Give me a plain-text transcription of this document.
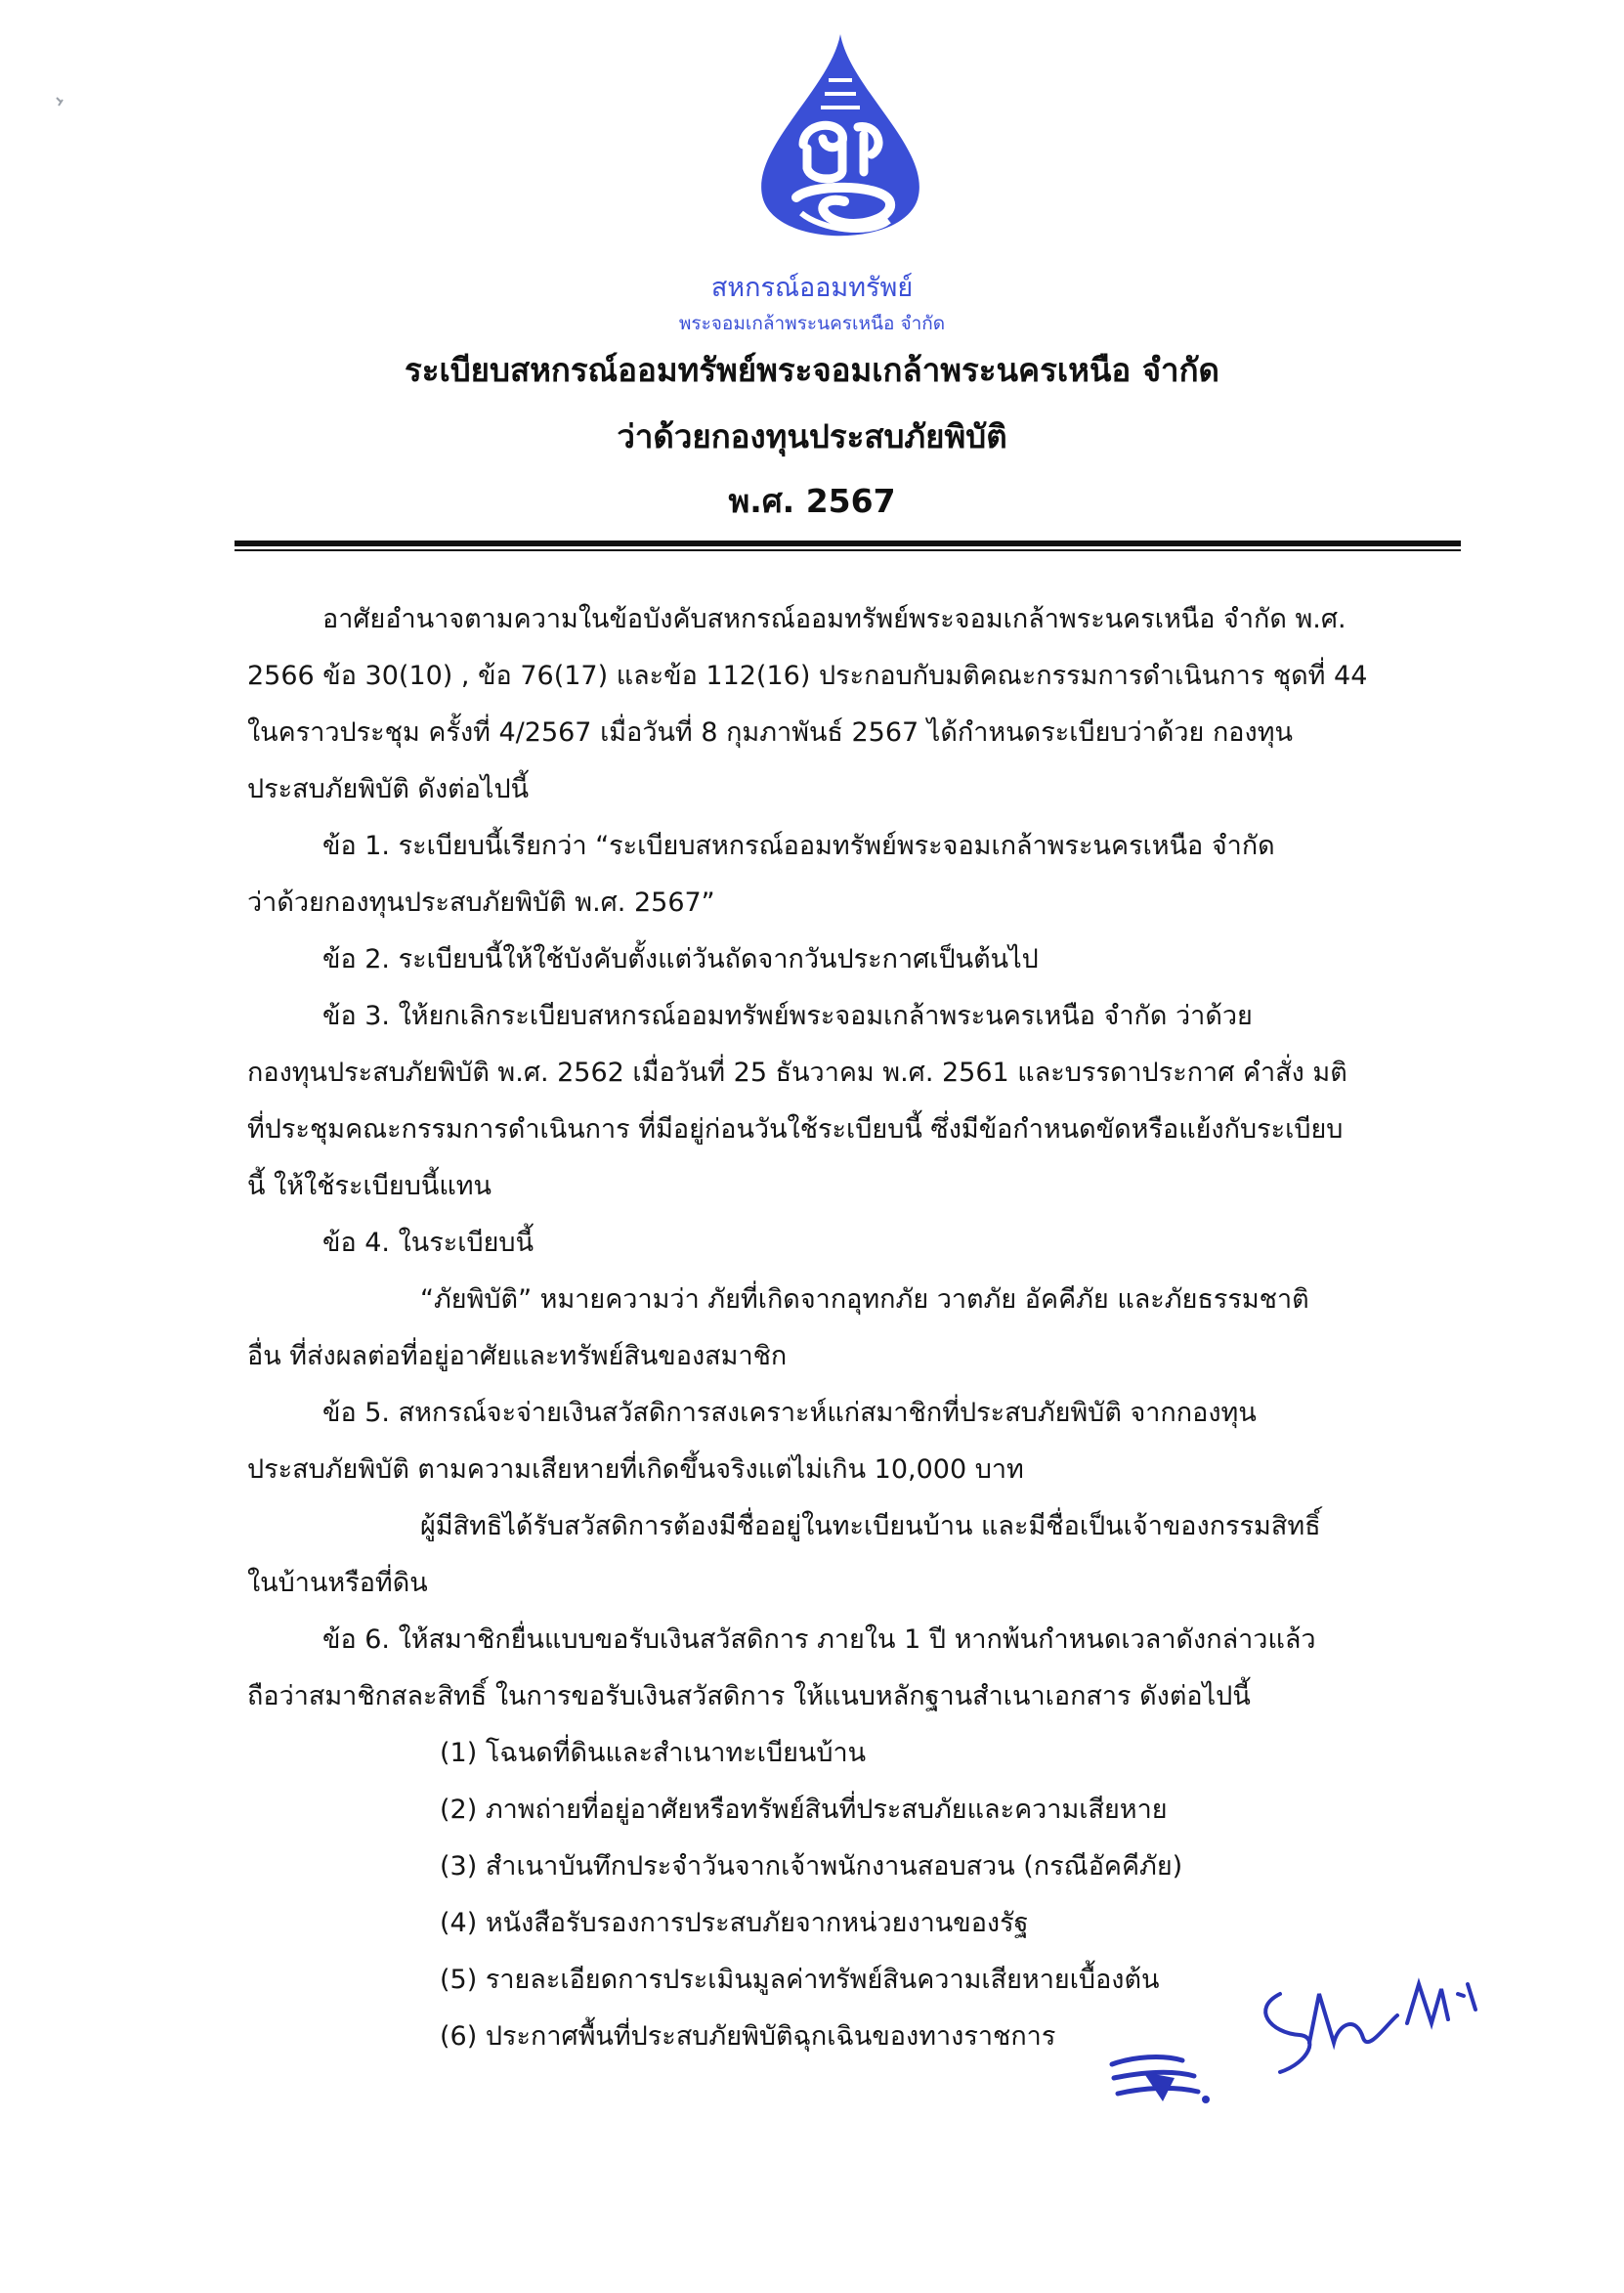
สหกรณ์ออมทรัพย์
พระจอมเกล้าพระนครเหนือ จำกัด
ระเบียบสหกรณ์ออมทรัพย์พระจอมเกล้าพระนครเหนือ จำกัด
ว่าด้วยกองทุนประสบภัยพิบัติ
พ.ศ. 2567
อาศัยอำนาจตามความในข้อบังคับสหกรณ์ออมทรัพย์พระจอมเกล้าพระนครเหนือ จำกัด พ.ศ.
2566 ข้อ 30(10) , ข้อ 76(17) และข้อ 112(16) ประกอบกับมติคณะกรรมการดำเนินการ ชุดที่ 44
ในคราวประชุม ครั้งที่ 4/2567 เมื่อวันที่ 8 กุมภาพันธ์ 2567 ได้กำหนดระเบียบว่าด้วย กองทุน
ประสบภัยพิบัติ ดังต่อไปนี้
ข้อ 1. ระเบียบนี้เรียกว่า “ระเบียบสหกรณ์ออมทรัพย์พระจอมเกล้าพระนครเหนือ จำกัด
ว่าด้วยกองทุนประสบภัยพิบัติ พ.ศ. 2567”
ข้อ 2. ระเบียบนี้ให้ใช้บังคับตั้งแต่วันถัดจากวันประกาศเป็นต้นไป
ข้อ 3. ให้ยกเลิกระเบียบสหกรณ์ออมทรัพย์พระจอมเกล้าพระนครเหนือ จำกัด ว่าด้วย
กองทุนประสบภัยพิบัติ พ.ศ. 2562 เมื่อวันที่ 25 ธันวาคม พ.ศ. 2561 และบรรดาประกาศ คำสั่ง มติ
ที่ประชุมคณะกรรมการดำเนินการ ที่มีอยู่ก่อนวันใช้ระเบียบนี้ ซึ่งมีข้อกำหนดขัดหรือแย้งกับระเบียบ
นี้ ให้ใช้ระเบียบนี้แทน
ข้อ 4. ในระเบียบนี้
“ภัยพิบัติ” หมายความว่า ภัยที่เกิดจากอุทกภัย วาตภัย อัคคีภัย และภัยธรรมชาติ
อื่น ที่ส่งผลต่อที่อยู่อาศัยและทรัพย์สินของสมาชิก
ข้อ 5. สหกรณ์จะจ่ายเงินสวัสดิการสงเคราะห์แก่สมาชิกที่ประสบภัยพิบัติ จากกองทุน
ประสบภัยพิบัติ ตามความเสียหายที่เกิดขึ้นจริงแต่ไม่เกิน 10,000 บาท
ผู้มีสิทธิได้รับสวัสดิการต้องมีชื่ออยู่ในทะเบียนบ้าน และมีชื่อเป็นเจ้าของกรรมสิทธิ์
ในบ้านหรือที่ดิน
ข้อ 6. ให้สมาชิกยื่นแบบขอรับเงินสวัสดิการ ภายใน 1 ปี หากพ้นกำหนดเวลาดังกล่าวแล้ว
ถือว่าสมาชิกสละสิทธิ์ ในการขอรับเงินสวัสดิการ ให้แนบหลักฐานสำเนาเอกสาร ดังต่อไปนี้
(1) โฉนดที่ดินและสำเนาทะเบียนบ้าน
(2) ภาพถ่ายที่อยู่อาศัยหรือทรัพย์สินที่ประสบภัยและความเสียหาย
(3) สำเนาบันทึกประจำวันจากเจ้าพนักงานสอบสวน (กรณีอัคคีภัย)
(4) หนังสือรับรองการประสบภัยจากหน่วยงานของรัฐ
(5) รายละเอียดการประเมินมูลค่าทรัพย์สินความเสียหายเบื้องต้น
(6) ประกาศพื้นที่ประสบภัยพิบัติฉุกเฉินของทางราชการ
